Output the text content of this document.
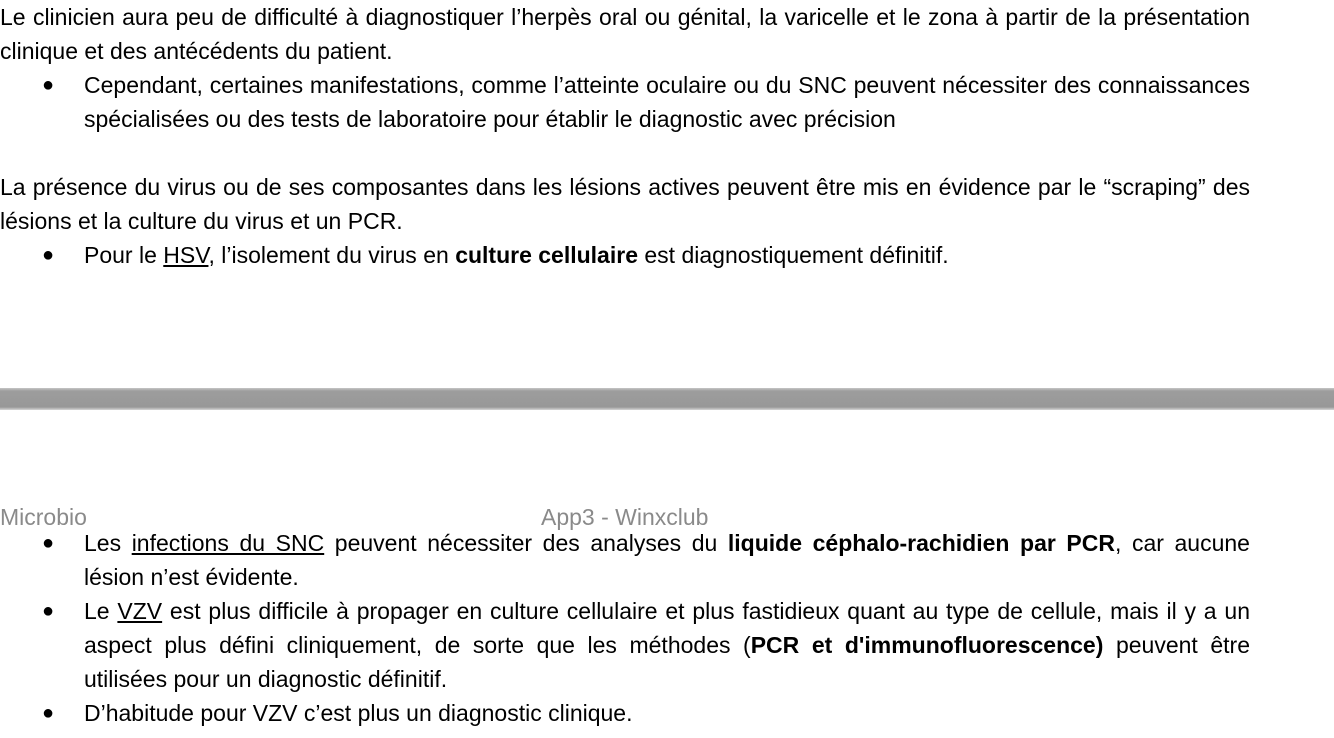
Le clinicien aura peu de difficulté à diagnostiquer l’herpès oral ou génital, la varicelle et le zona à partir de la présentation clinique et des antécédents du patient.

● Cependant, certaines manifestations, comme l’atteinte oculaire ou du SNC peuvent nécessiter des connaissances spécialisées ou des tests de laboratoire pour établir le diagnostic avec précision

La présence du virus ou de ses composantes dans les lésions actives peuvent être mis en évidence par le “scraping” des lésions et la culture du virus et un PCR.

● Pour le HSV, l’isolement du virus en culture cellulaire est diagnostiquement définitif.
Microbio	App3 - Winxclub
● Les infections du SNC peuvent nécessiter des analyses du liquide céphalo-rachidien par PCR, car aucune lésion n’est évidente.
● Le VZV est plus difficile à propager en culture cellulaire et plus fastidieux quant au type de cellule, mais il y a un aspect plus défini cliniquement, de sorte que les méthodes (PCR et d'immunofluorescence) peuvent être utilisées pour un diagnostic définitif.
● D’habitude pour VZV c’est plus un diagnostic clinique.
